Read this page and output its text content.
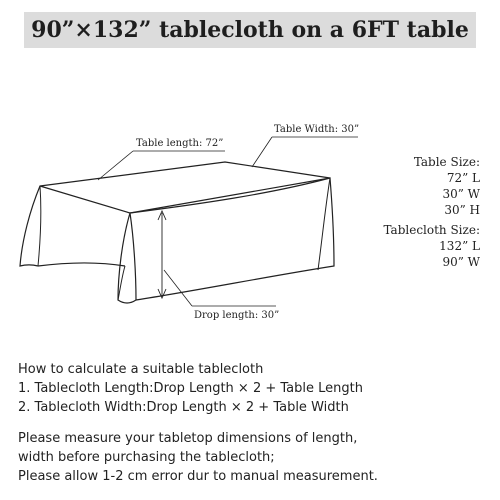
90”×132” tablecloth on a 6FT table
Table length: 72”
Table Width: 30”
Drop length: 30”
Table Size:
72” L
30” W
30” H
Tablecloth Size:
132” L
90” W
How to calculate a suitable tablecloth
1. Tablecloth Length:Drop Length × 2 + Table Length
2. Tablecloth Width:Drop Length × 2 + Table Width
Please measure your tabletop dimensions of length,
width before purchasing the tablecloth;
Please allow 1-2 cm error dur to manual measurement.
